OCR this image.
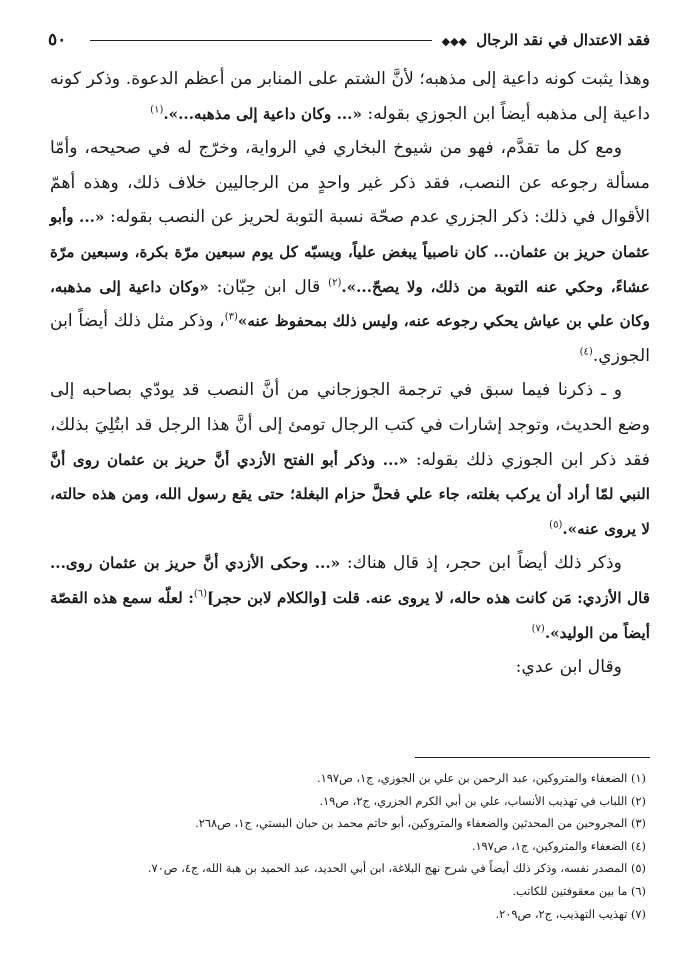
٥٠	فقد الاعتدال في نقد الرجال ◆◆◆

وهذا يثبت كونه داعية إلى مذهبه؛ لأنَّ الشتم على المنابر من أعظم الدعوة. وذكر كونه داعية إلى مذهبه أيضاً ابن الجوزي بقوله: «... وكان داعية إلى مذهبه...».$^{(١)}$

ومع كل ما تقدَّم، فهو من شيوخ البخاري في الرواية، وخرّج له في صحيحه، وأمّا مسألة رجوعه عن النصب، فقد ذكر غير واحدٍ من الرجاليين خلاف ذلك، وهذه أهمّ الأقوال في ذلك: ذكر الجزري عدم صحّة نسبة التوبة لحريز عن النصب بقوله: «... وأبو عثمان حريز بن عثمان... كان ناصبياً يبغض علياً، ويسبّه كل يوم سبعين مرّة بكرة، وسبعين مرّة عشاءً، وحكي عنه التوبة من ذلك، ولا يصحّ...».$^{(٢)}$ قال ابن حِبّان: «وكان داعية إلى مذهبه، وكان علي بن عياش يحكي رجوعه عنه، وليس ذلك بمحفوظ عنه»$^{(٣)}$، وذكر مثل ذلك أيضاً ابن الجوزي.$^{(٤)}$

و ـ ذكرنا فيما سبق في ترجمة الجوزجاني من أنَّ النصب قد يودّي بصاحبه إلى وضع الحديث، وتوجد إشارات في كتب الرجال تومئ إلى أنَّ هذا الرجل قد ابتُلِيَ بذلك، فقد ذكر ابن الجوزي ذلك بقوله: «... وذكر أبو الفتح الأزدي أنَّ حريز بن عثمان روى أنَّ النبي لمّا أراد أن يركب بغلته، جاء علي فحلَّ حزام البغلة؛ حتى يقع رسول الله، ومن هذه حالته، لا يروى عنه».$^{(٥)}$

وذكر ذلك أيضاً ابن حجر، إذ قال هناك: «... وحكى الأزدي أنَّ حريز بن عثمان روى... قال الأزدي: مَن كانت هذه حاله، لا يروى عنه. قلت [والكلام لابن حجر]$^{(٦)}$: لعلّه سمع هذه القصّة أيضاً من الوليد».$^{(٧)}$

وقال ابن عدي:

(١) الضعفاء والمتروكين، عبد الرحمن بن علي بن الجوزي، ج١، ص١٩٧.
(٢) اللباب في تهذيب الأنساب، علي بن أبي الكرم الجزري، ج٢، ص١٩.
(٣) المجروحين من المحدثين والضعفاء والمتروكين، أبو حاتم محمد بن حبان البستي، ج١، ص٢٦٨.
(٤) الضعفاء والمتروكين، ج١، ص١٩٧.
(٥) المصدر نفسه، وذكر ذلك أيضاً في شرح نهج البلاغة، ابن أبي الحديد، عبد الحميد بن هبة الله، ج٤، ص٧٠.
(٦) ما بين معقوفتين للكاتب.
(٧) تهذيب التهذيب، ج٢، ص٢٠٩.
